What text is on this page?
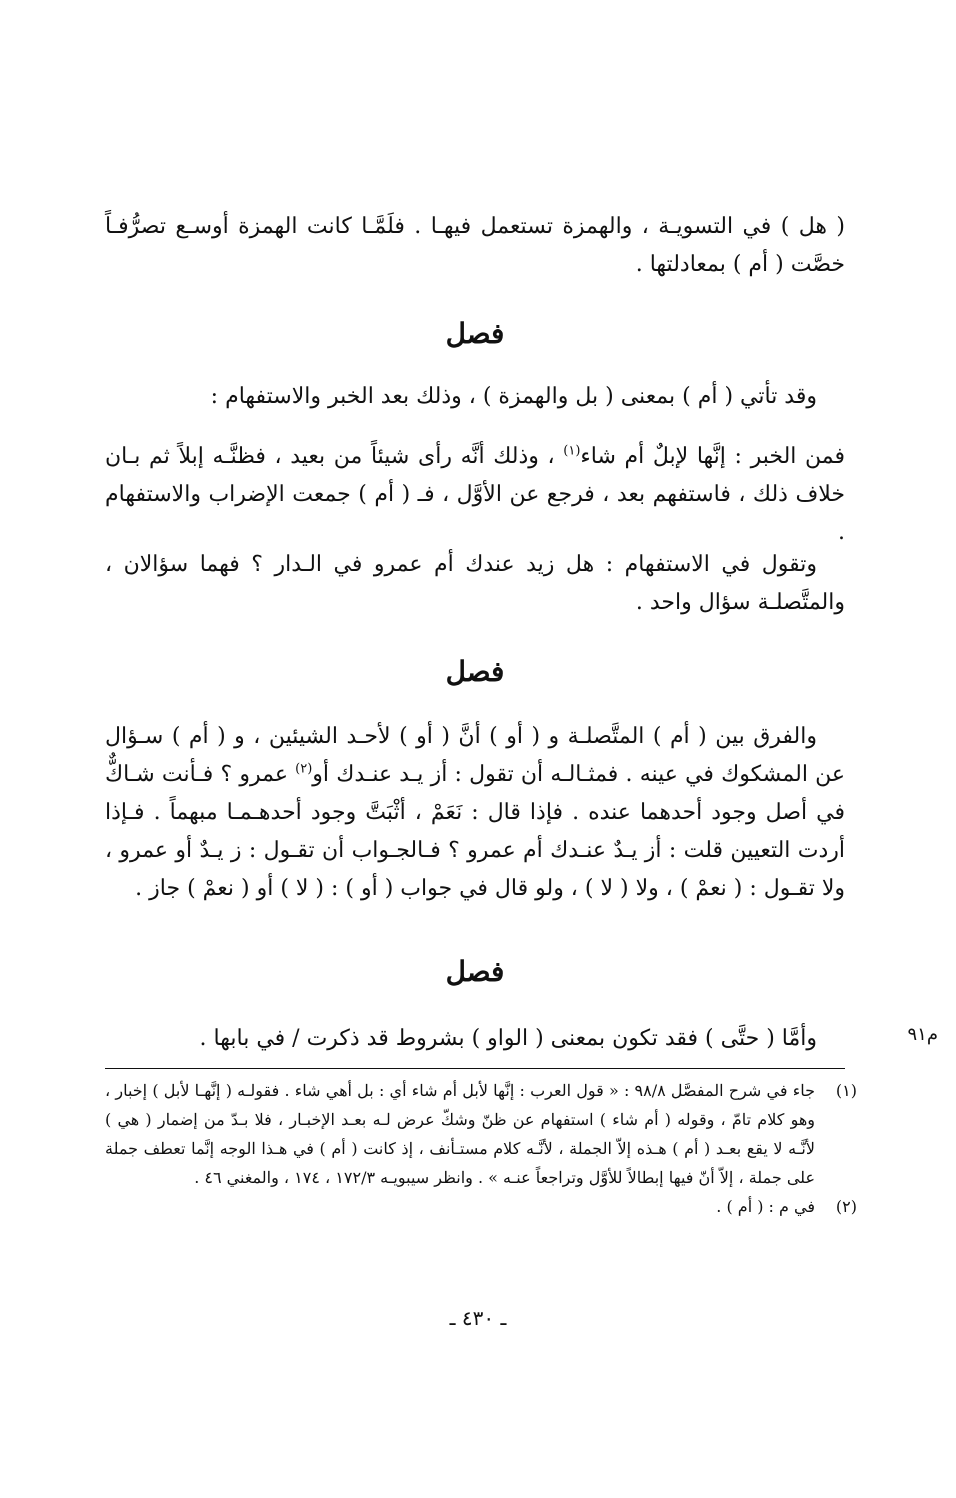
( هل ) في التسويـة ، والهمزة تستعمل فيهـا . فلَمَّـا كانت الهمزة أوسـع تصرُّفـاً خصَّت ( أم ) بمعادلتها .

فصل

وقد تأتي ( أم ) بمعنى ( بل والهمزة ) ، وذلك بعد الخبر والاستفهام :

فمن الخبر : إنَّها لإبلٌ أم شاء$^{(١)}$ ، وذلك أنَّه رأى شيئاً من بعيد ، فظنَّـه إبلاً ثم بـان خلاف ذلك ، فاستفهم بعد ، فرجع عن الأوَّل ، فـ ( أم ) جمعت الإضراب والاستفهام .

وتقول في الاستفهام : هل زيد عندك أم عمرو في الـدار ؟ فهما سؤالان ، والمتَّصلـة سؤال واحد .

فصل

والفرق بين ( أم ) المتَّصلـة و ( أو ) أنَّ ( أو ) لأحـد الشيئين ، و ( أم ) سـؤال عن المشكوك في عينه . فمثـالـه أن تقول : أز يـد عنـدك أو$^{(٢)}$ عمرو ؟ فـأنت شـاكٌّ في أصل وجود أحدهما عنده . فإذا قال : نَعَمْ ، أثْبَتَّ وجود أحدهـمـا مبهماً . فـإذا أردت التعيين قلت : أز يـدٌ عنـدك أم عمرو ؟ فـالجـواب أن تقـول : ز يـدٌ أو عمرو ، ولا تقـول : ( نعمْ ) ، ولا ( لا ) ، ولو قال في جواب ( أو ) : ( لا ) أو ( نعمْ ) جاز .

فصل

وأمَّا ( حتَّى ) فقد تكون بمعنى ( الواو ) بشروط قد ذكرت / في بابها .	م٩١
(١)
جاء في شرح المفصَّل ٩٨/٨ : « قول العرب : إنَّها لأبل أم شاء أي : بل أهي شاء . فقولـه ( إنَّهـا لأبل ) إخبار ، وهو كلام تامّ ، وقوله ( أم شاء ) استفهام عن ظنّ وشكّ عرض لـه بعـد الإخبـار ، فلا بـدّ من إضمار ( هي ) لأنَّـه لا يقع بعـد ( أم ) هـذه إلاّ الجملة ، لأنَّـه كلام مستـأنف ، إذ كانت ( أم ) في هـذا الوجه إنَّما تعطف جملة على جملة ، إلاّ أنّ فيها إبطالاً للأوَّل وتراجعاً عنـه » . وانظر سيبويـه ١٧٢/٣ ، ١٧٤ ، والمغني ٤٦ .
(٢)
في م : ( أم ) .
ـ ٤٣٠ ـ
